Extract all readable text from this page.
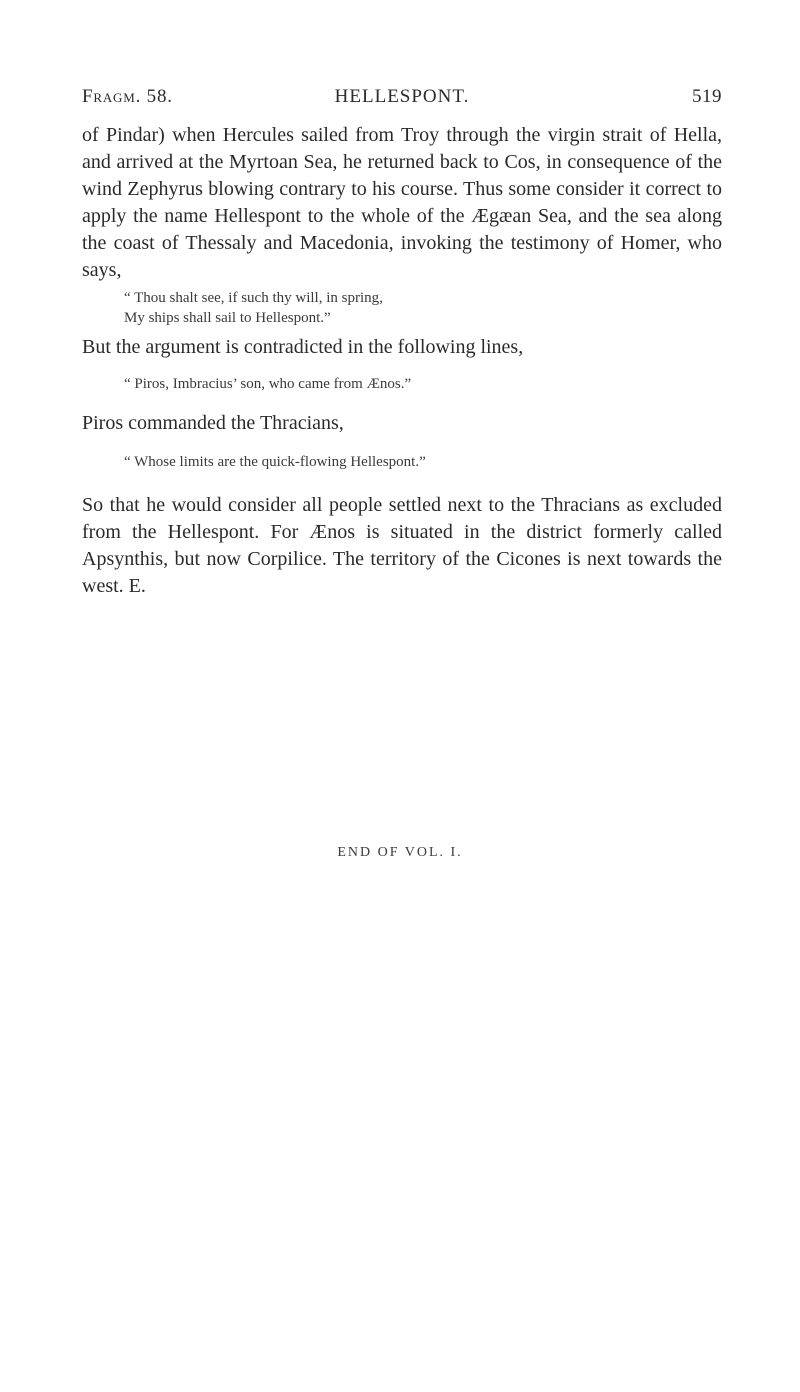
Fragm. 58.	HELLESPONT.	519

of Pindar) when Hercules sailed from Troy through the virgin strait of Hella, and arrived at the Myrtoan Sea, he returned back to Cos, in consequence of the wind Zephyrus blowing contrary to his course. Thus some consider it correct to apply the name Hellespont to the whole of the Ægæan Sea, and the sea along the coast of Thessaly and Macedonia, invoking the testimony of Homer, who says,

“ Thou shalt see, if such thy will, in spring,
My ships shall sail to Hellespont.”

But the argument is contradicted in the following lines,

“ Piros, Imbracius’ son, who came from Ænos.”

Piros commanded the Thracians,

“ Whose limits are the quick-flowing Hellespont.”

So that he would consider all people settled next to the Thracians as excluded from the Hellespont. For Ænos is situated in the district formerly called Apsynthis, but now Corpilice. The territory of the Cicones is next towards the west. E.

END OF VOL. I.
